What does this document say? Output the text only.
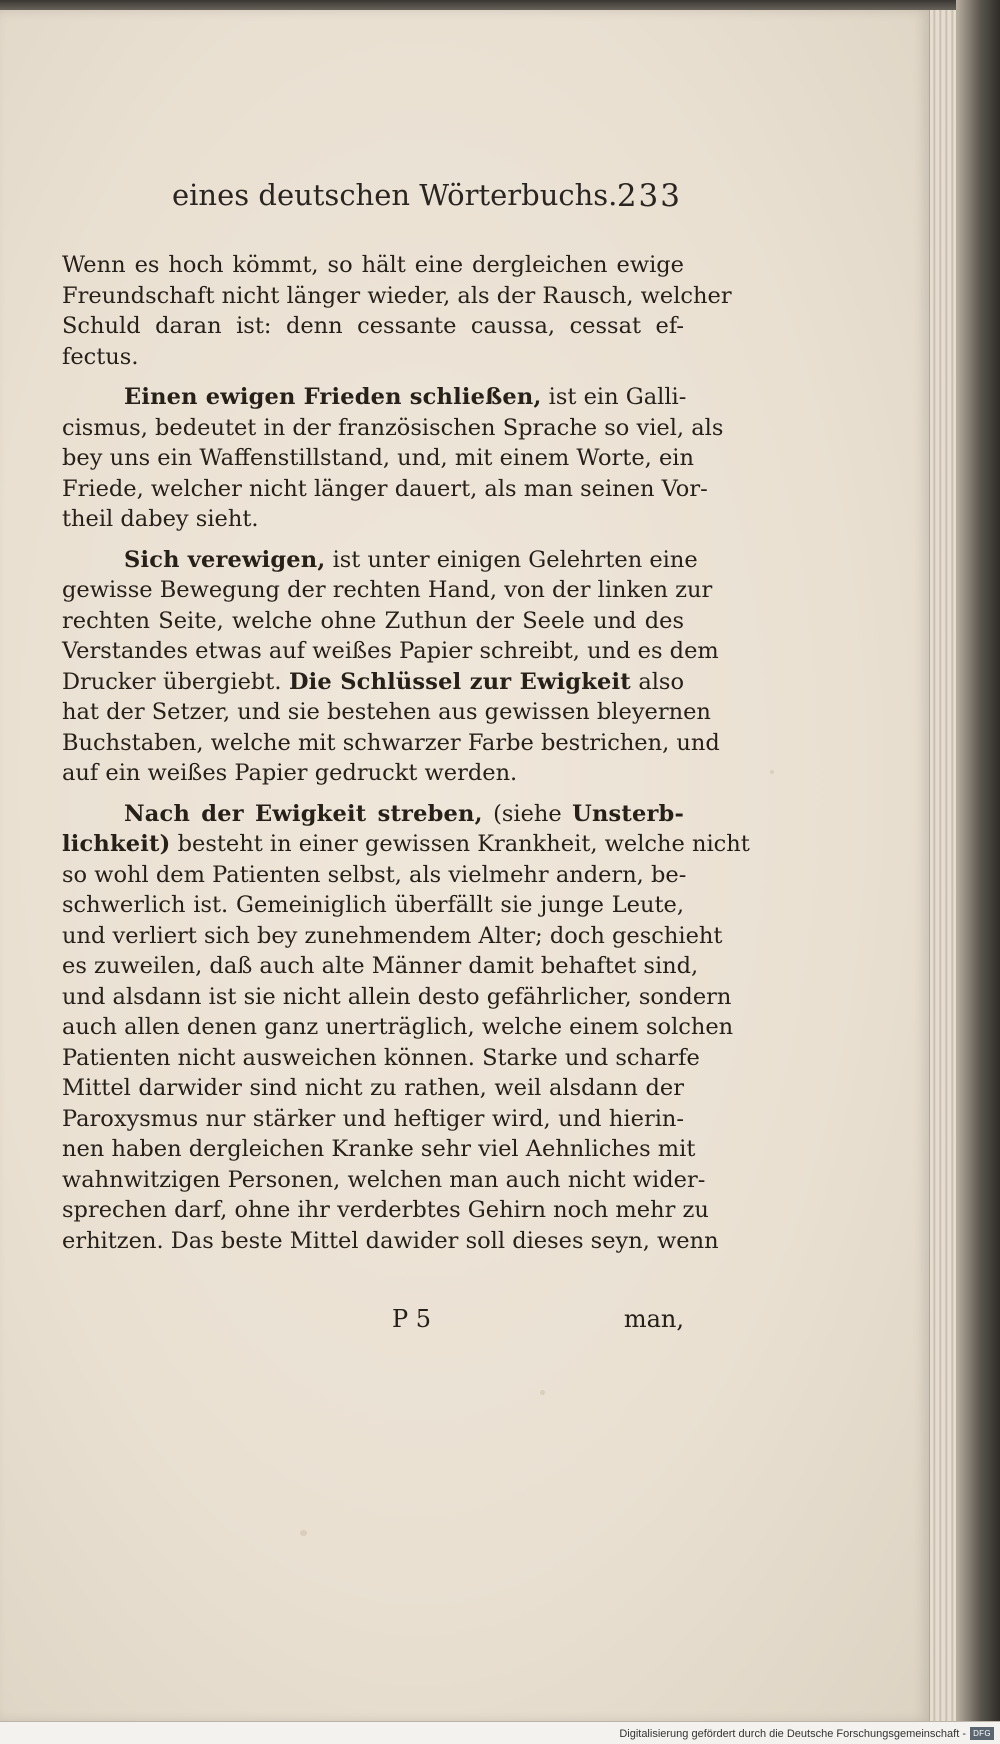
eines deutschen Wörterbuchs. 233
Wenn es hoch kömmt, so hält eine dergleichen ewige
Freundschaft nicht länger wieder, als der Rausch, welcher
Schuld daran ist: denn cessante caussa, cessat ef-
fectus.
Einen ewigen Frieden schließen, ist ein Galli-
cismus, bedeutet in der französischen Sprache so viel, als
bey uns ein Waffenstillstand, und, mit einem Worte, ein
Friede, welcher nicht länger dauert, als man seinen Vor-
theil dabey sieht.
Sich verewigen, ist unter einigen Gelehrten eine
gewisse Bewegung der rechten Hand, von der linken zur
rechten Seite, welche ohne Zuthun der Seele und des
Verstandes etwas auf weißes Papier schreibt, und es dem
Drucker übergiebt. Die Schlüssel zur Ewigkeit also
hat der Setzer, und sie bestehen aus gewissen bleyernen
Buchstaben, welche mit schwarzer Farbe bestrichen, und
auf ein weißes Papier gedruckt werden.
Nach der Ewigkeit streben, (siehe Unsterb-
lichkeit) besteht in einer gewissen Krankheit, welche nicht
so wohl dem Patienten selbst, als vielmehr andern, be-
schwerlich ist. Gemeiniglich überfällt sie junge Leute,
und verliert sich bey zunehmendem Alter; doch geschieht
es zuweilen, daß auch alte Männer damit behaftet sind,
und alsdann ist sie nicht allein desto gefährlicher, sondern
auch allen denen ganz unerträglich, welche einem solchen
Patienten nicht ausweichen können. Starke und scharfe
Mittel darwider sind nicht zu rathen, weil alsdann der
Paroxysmus nur stärker und heftiger wird, und hierin-
nen haben dergleichen Kranke sehr viel Aehnliches mit
wahnwitzigen Personen, welchen man auch nicht wider-
sprechen darf, ohne ihr verderbtes Gehirn noch mehr zu
erhitzen. Das beste Mittel dawider soll dieses seyn, wenn
P 5	man,
Digitalisierung gefördert durch die Deutsche Forschungsgemeinschaft - DFG
